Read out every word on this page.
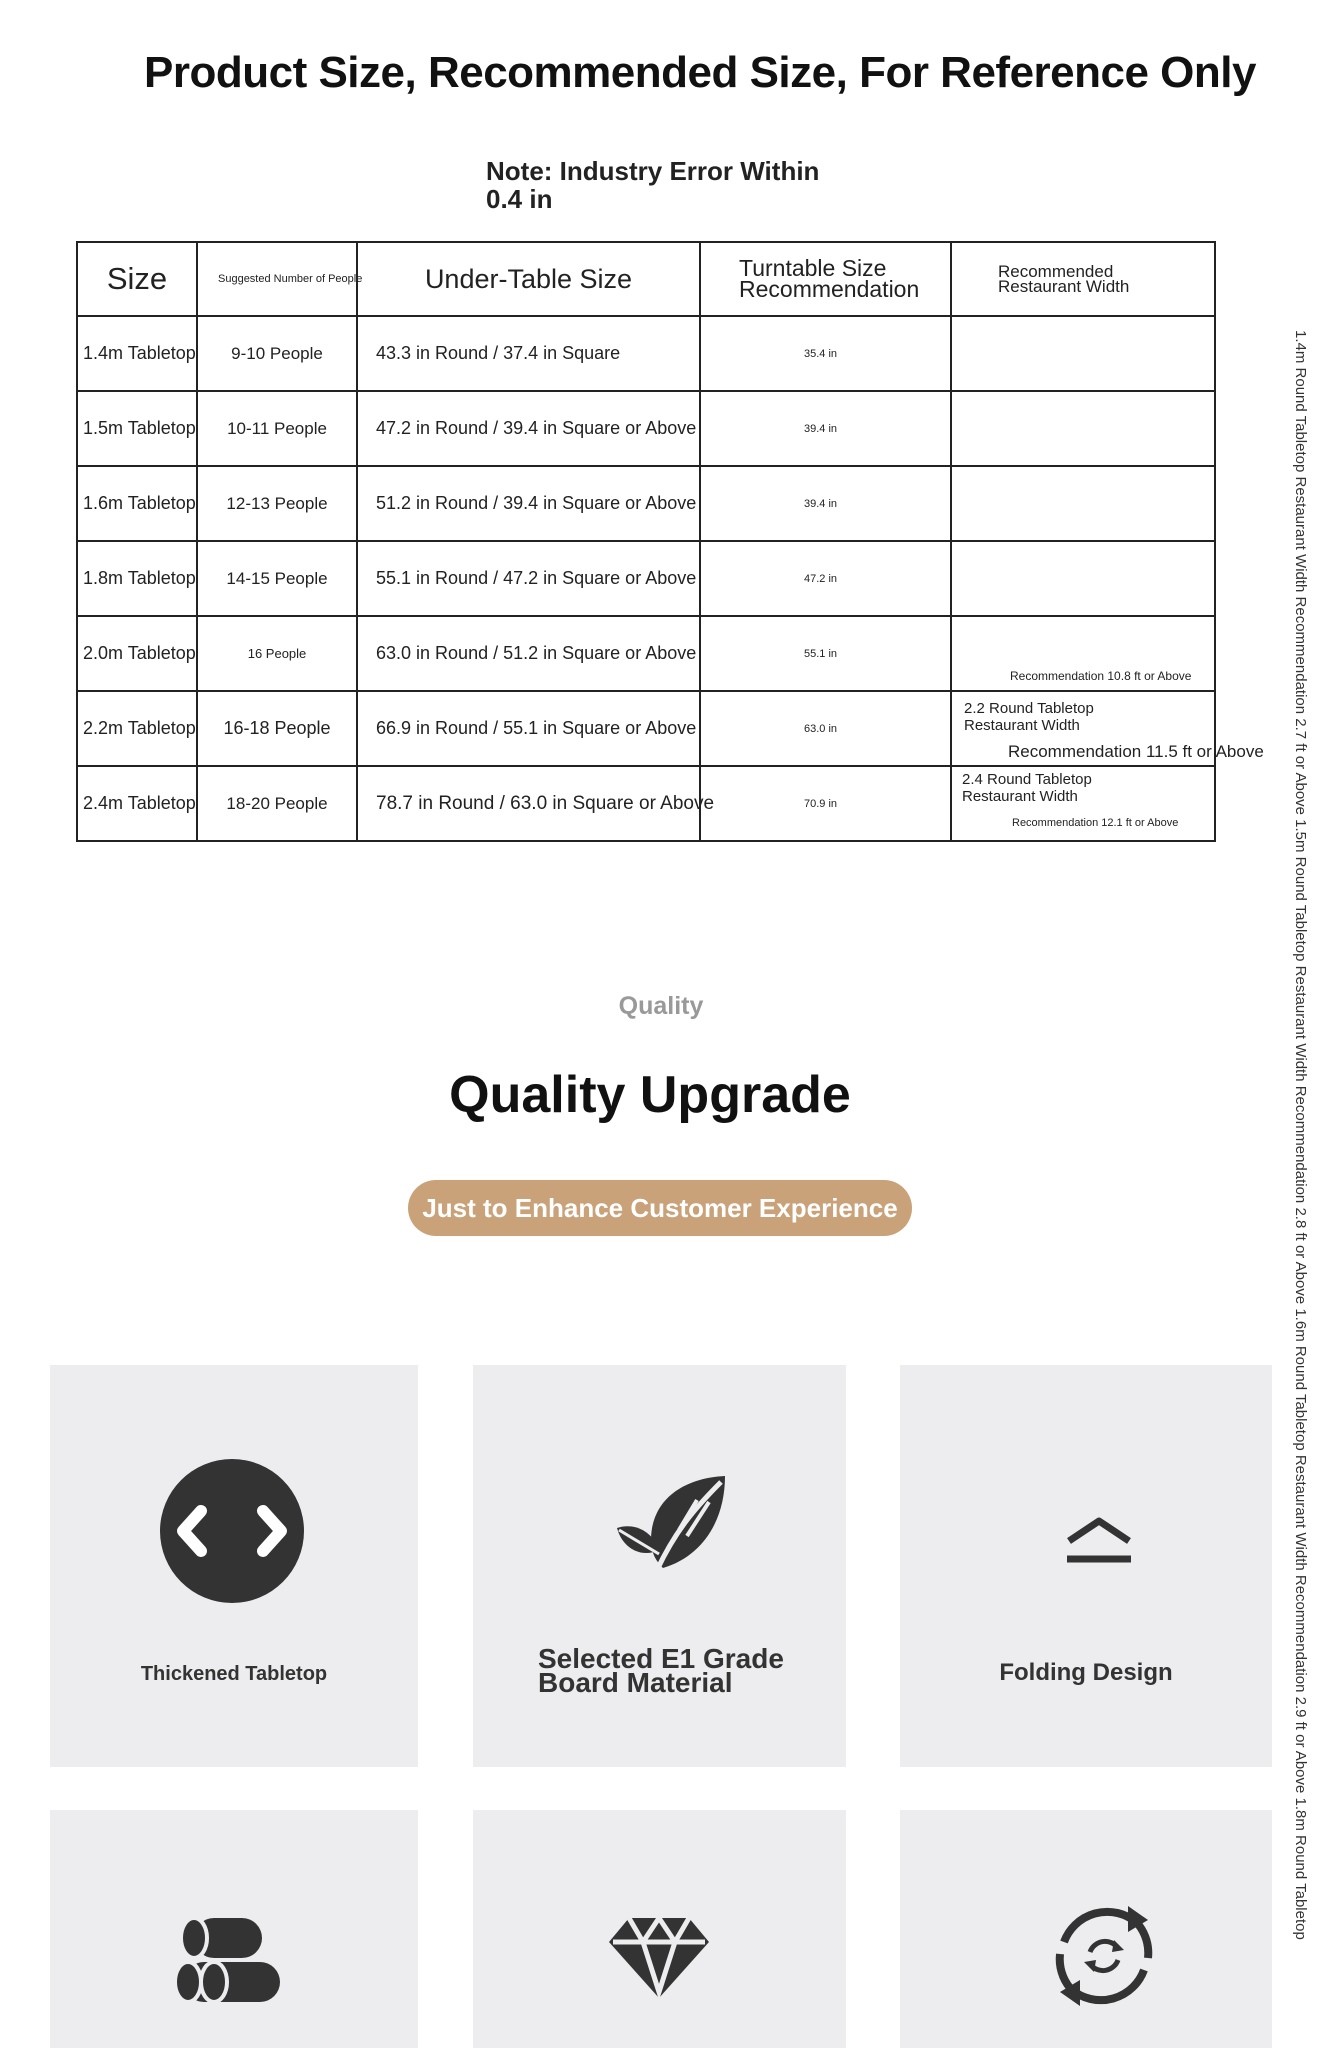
Product Size, Recommended Size, For Reference Only
Note: Industry Error Within 0.4 in
Size	Suggested Number of People	Under-Table Size	Turntable Size Recommendation	Recommended Restaurant Width

1.4m Tabletop	9-10 People	43.3 in Round / 37.4 in Square	35.4 in	
1.5m Tabletop	10-11 People	47.2 in Round / 39.4 in Square or Above	39.4 in	
1.6m Tabletop	12-13 People	51.2 in Round / 39.4 in Square or Above	39.4 in	
1.8m Tabletop	14-15 People	55.1 in Round / 47.2 in Square or Above	47.2 in	
2.0m Tabletop	16 People	63.0 in Round / 51.2 in Square or Above	55.1 in	Recommendation 10.8 ft or Above

2.2m Tabletop	16-18 People	66.9 in Round / 55.1 in Square or Above	63.0 in	2.2 Round Tabletop Restaurant Width
Recommendation 11.5 ft or Above

2.4m Tabletop	18-20 People	78.7 in Round / 63.0 in Square or Above	70.9 in	2.4 Round Tabletop Restaurant Width
Recommendation 12.1 ft or Above	1.4m Round Tabletop Restaurant Width Recommendation 2.7 ft or Above 1.5m Round Tabletop Restaurant Width Recommendation 2.8 ft or Above 1.6m Round Tabletop Restaurant Width Recommendation 2.9 ft or Above 1.8m Round Tabletop
Quality
Quality Upgrade
Just to Enhance Customer Experience
Thickened Tabletop	Selected E1 Grade Board Material	Folding Design
